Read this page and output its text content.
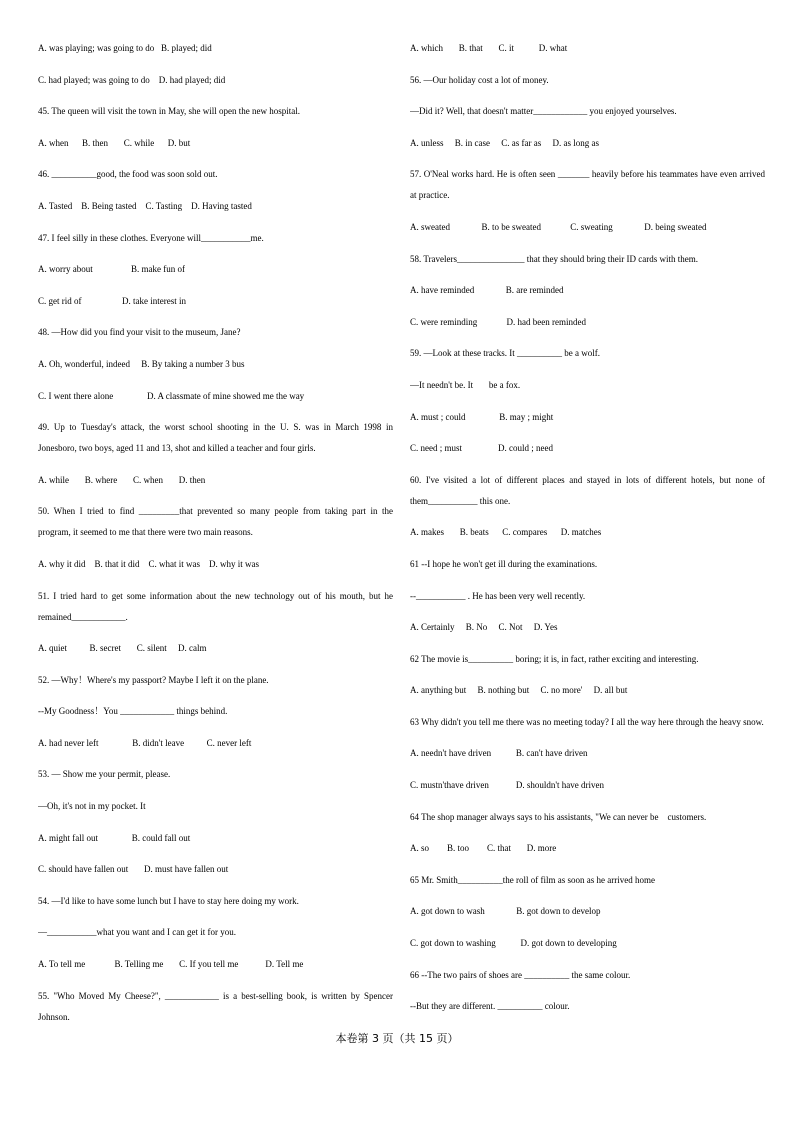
A. was playing; was going to do   B. played; did
C. had played; was going to do    D. had played; did
45. The queen will visit the town in May, she will open the new hospital.
A. when      B. then       C. while      D. but
46. __________good, the food was soon sold out.
A. Tasted    B. Being tasted    C. Tasting    D. Having tasted
47. I feel silly in these clothes. Everyone will___________me.
A. worry about                 B. make fun of
C. get rid of                  D. take interest in
48. —How did you find your visit to the museum, Jane?
A. Oh, wonderful, indeed     B. By taking a number 3 bus
C. I went there alone               D. A classmate of mine showed me the way
49. Up to Tuesday's attack, the worst school shooting in the U. S. was in March 1998 in Jonesboro, two boys, aged 11 and 13, shot and killed a teacher and four girls.
A. while       B. where       C. when       D. then
50. When I tried to find _________that prevented so many people from taking part in the program, it seemed to me that there were two main reasons.
A. why it did    B. that it did    C. what it was    D. why it was
51. I tried hard to get some information about the new technology out of his mouth, but he remained____________.
A. quiet          B. secret       C. silent     D. calm
52. —Why！Where's my passport? Maybe I left it on the plane.
--My Goodness！You ____________ things behind.
A. had never left               B. didn't leave          C. never left
53. — Show me your permit, please.
—Oh, it's not in my pocket. It
A. might fall out               B. could fall out
C. should have fallen out       D. must have fallen out
54. —I'd like to have some lunch but I have to stay here doing my work.
—___________what you want and I can get it for you.
A. To tell me             B. Telling me       C. If you tell me            D. Tell me
55. "Who Moved My Cheese?", ____________ is a best-selling book, is written by Spencer Johnson.
A. which       B. that       C. it           D. what
56. —Our holiday cost a lot of money.
—Did it? Well, that doesn't matter____________ you enjoyed yourselves.
A. unless     B. in case     C. as far as     D. as long as
57. O'Neal works hard. He is often seen _______ heavily before his teammates have even arrived at practice.
A. sweated              B. to be sweated             C. sweating              D. being sweated
58. Travelers_______________ that they should bring their ID cards with them.
A. have reminded              B. are reminded
C. were reminding             D. had been reminded
59. —Look at these tracks. It __________ be a wolf.
—It needn't be. It       be a fox.
A. must ; could               B. may ; might
C. need ; must                D. could ; need
60. I've visited a lot of different places and stayed in lots of different hotels, but none of them___________ this one.
A. makes       B. beats      C. compares      D. matches
61 --I hope he won't get ill during the examinations.
--___________ . He has been very well recently.
A. Certainly     B. No     C. Not     D. Yes
62 The movie is__________ boring; it is, in fact, rather exciting and interesting.
A. anything but     B. nothing but     C. no more'     D. all but
63 Why didn't you tell me there was no meeting today? I all the way here through the heavy snow.
A. needn't have driven           B. can't have driven
C. mustn'thave driven            D. shouldn't have driven
64 The shop manager always says to his assistants, "We can never be    customers.
A. so        B. too        C. that       D. more
65 Mr. Smith__________the roll of film as soon as he arrived home
A. got down to wash              B. got down to develop
C. got down to washing           D. got down to developing
66 --The two pairs of shoes are __________ the same colour.
--But they are different. __________ colour.
本卷第 3 页（共 15 页）
